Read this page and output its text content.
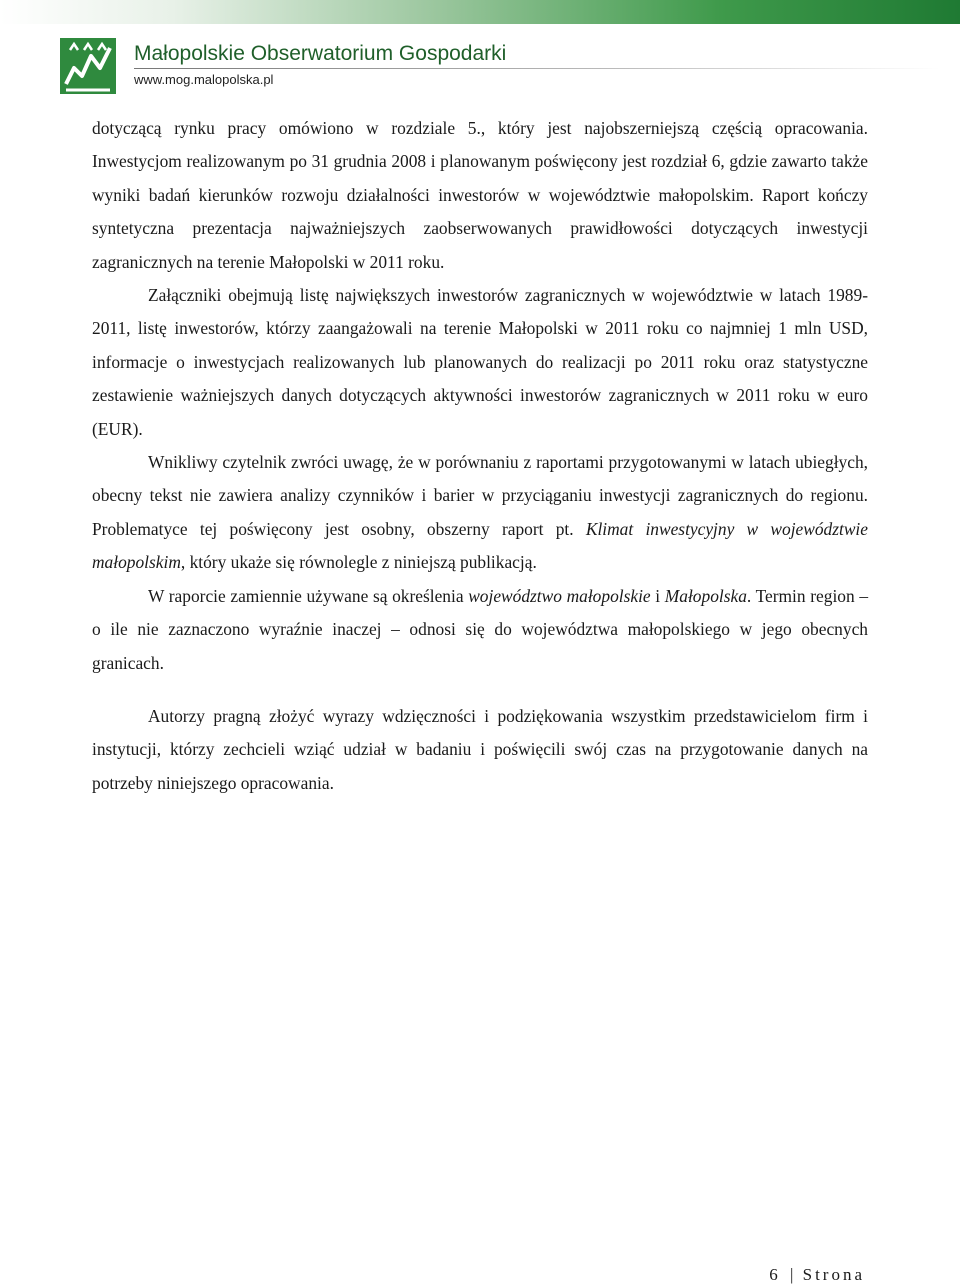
Małopolskie Obserwatorium Gospodarki
www.mog.malopolska.pl

dotyczącą rynku pracy omówiono w rozdziale 5., który jest najobszerniejszą częścią opracowania. Inwestycjom realizowanym po 31 grudnia 2008 i planowanym poświęcony jest rozdział 6, gdzie zawarto także wyniki badań kierunków rozwoju działalności inwestorów w województwie małopolskim. Raport kończy syntetyczna prezentacja najważniejszych zaobserwowanych prawidłowości dotyczących inwestycji zagranicznych na terenie Małopolski w 2011 roku.

Załączniki obejmują listę największych inwestorów zagranicznych w województwie w latach 1989-2011, listę inwestorów, którzy zaangażowali na terenie Małopolski w 2011 roku co najmniej 1 mln USD, informacje o inwestycjach realizowanych lub planowanych do realizacji po 2011 roku oraz statystyczne zestawienie ważniejszych danych dotyczących aktywności inwestorów zagranicznych w 2011 roku w euro (EUR).

Wnikliwy czytelnik zwróci uwagę, że w porównaniu z raportami przygotowanymi w latach ubiegłych, obecny tekst nie zawiera analizy czynników i barier w przyciąganiu inwestycji zagranicznych do regionu. Problematyce tej poświęcony jest osobny, obszerny raport pt. Klimat inwestycyjny w województwie małopolskim, który ukaże się równolegle z niniejszą publikacją.

W raporcie zamiennie używane są określenia województwo małopolskie i Małopolska. Termin region – o ile nie zaznaczono wyraźnie inaczej – odnosi się do województwa małopolskiego w jego obecnych granicach.

Autorzy pragną złożyć wyrazy wdzięczności i podziękowania wszystkim przedstawicielom firm i instytucji, którzy zechcieli wziąć udział w badaniu i poświęcili swój czas na przygotowanie danych na potrzeby niniejszego opracowania.

6 | Strona
